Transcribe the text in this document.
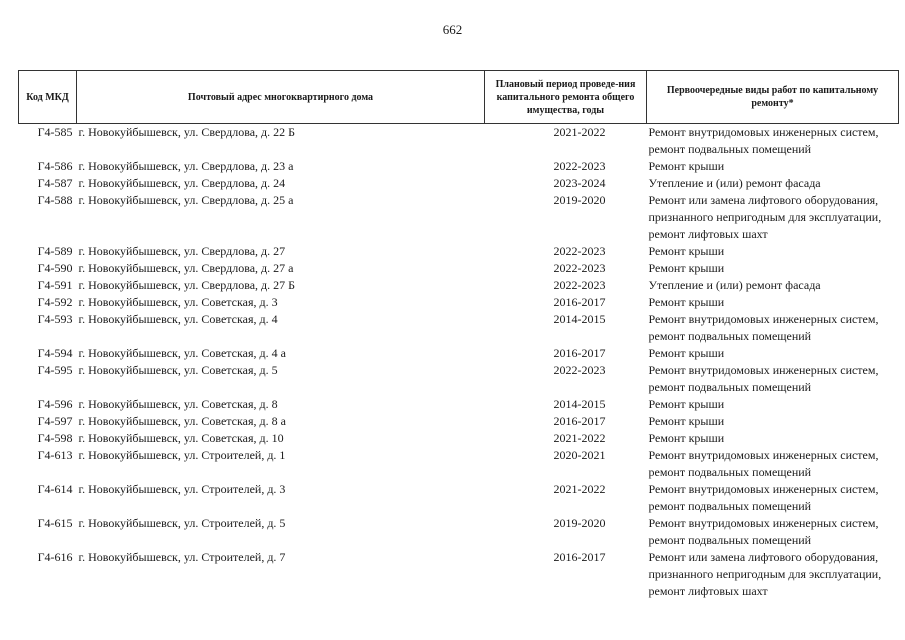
662
Код МКД	Почтовый адрес многоквартирного дома	Плановый период проведе-ния капитального ремонта общего имущества, годы	Первоочередные виды работ по капитальному ремонту*
Г4-585	г. Новокуйбышевск, ул. Свердлова, д. 22 Б	2021-2022	Ремонт внутридомовых инженерных систем,
ремонт подвальных помещений

Г4-586	г. Новокуйбышевск, ул. Свердлова, д. 23 а	2022-2023	Ремонт крыши

Г4-587	г. Новокуйбышевск, ул. Свердлова, д. 24	2023-2024	Утепление и (или) ремонт фасада

Г4-588	г. Новокуйбышевск, ул. Свердлова, д. 25 а	2019-2020	Ремонт или замена лифтового оборудования,
признанного непригодным для эксплуатации,
ремонт лифтовых шахт

Г4-589	г. Новокуйбышевск, ул. Свердлова, д. 27	2022-2023	Ремонт крыши

Г4-590	г. Новокуйбышевск, ул. Свердлова, д. 27 а	2022-2023	Ремонт крыши

Г4-591	г. Новокуйбышевск, ул. Свердлова, д. 27 Б	2022-2023	Утепление и (или) ремонт фасада

Г4-592	г. Новокуйбышевск, ул. Советская, д. 3	2016-2017	Ремонт крыши

Г4-593	г. Новокуйбышевск, ул. Советская, д. 4	2014-2015	Ремонт внутридомовых инженерных систем,
ремонт подвальных помещений

Г4-594	г. Новокуйбышевск, ул. Советская, д. 4 а	2016-2017	Ремонт крыши

Г4-595	г. Новокуйбышевск, ул. Советская, д. 5	2022-2023	Ремонт внутридомовых инженерных систем,
ремонт подвальных помещений

Г4-596	г. Новокуйбышевск, ул. Советская, д. 8	2014-2015	Ремонт крыши

Г4-597	г. Новокуйбышевск, ул. Советская, д. 8 а	2016-2017	Ремонт крыши

Г4-598	г. Новокуйбышевск, ул. Советская, д. 10	2021-2022	Ремонт крыши

Г4-613	г. Новокуйбышевск, ул. Строителей, д. 1	2020-2021	Ремонт внутридомовых инженерных систем,
ремонт подвальных помещений

Г4-614	г. Новокуйбышевск, ул. Строителей, д. 3	2021-2022	Ремонт внутридомовых инженерных систем,
ремонт подвальных помещений

Г4-615	г. Новокуйбышевск, ул. Строителей, д. 5	2019-2020	Ремонт внутридомовых инженерных систем,
ремонт подвальных помещений

Г4-616	г. Новокуйбышевск, ул. Строителей, д. 7	2016-2017	Ремонт или замена лифтового оборудования,
признанного непригодным для эксплуатации,
ремонт лифтовых шахт
